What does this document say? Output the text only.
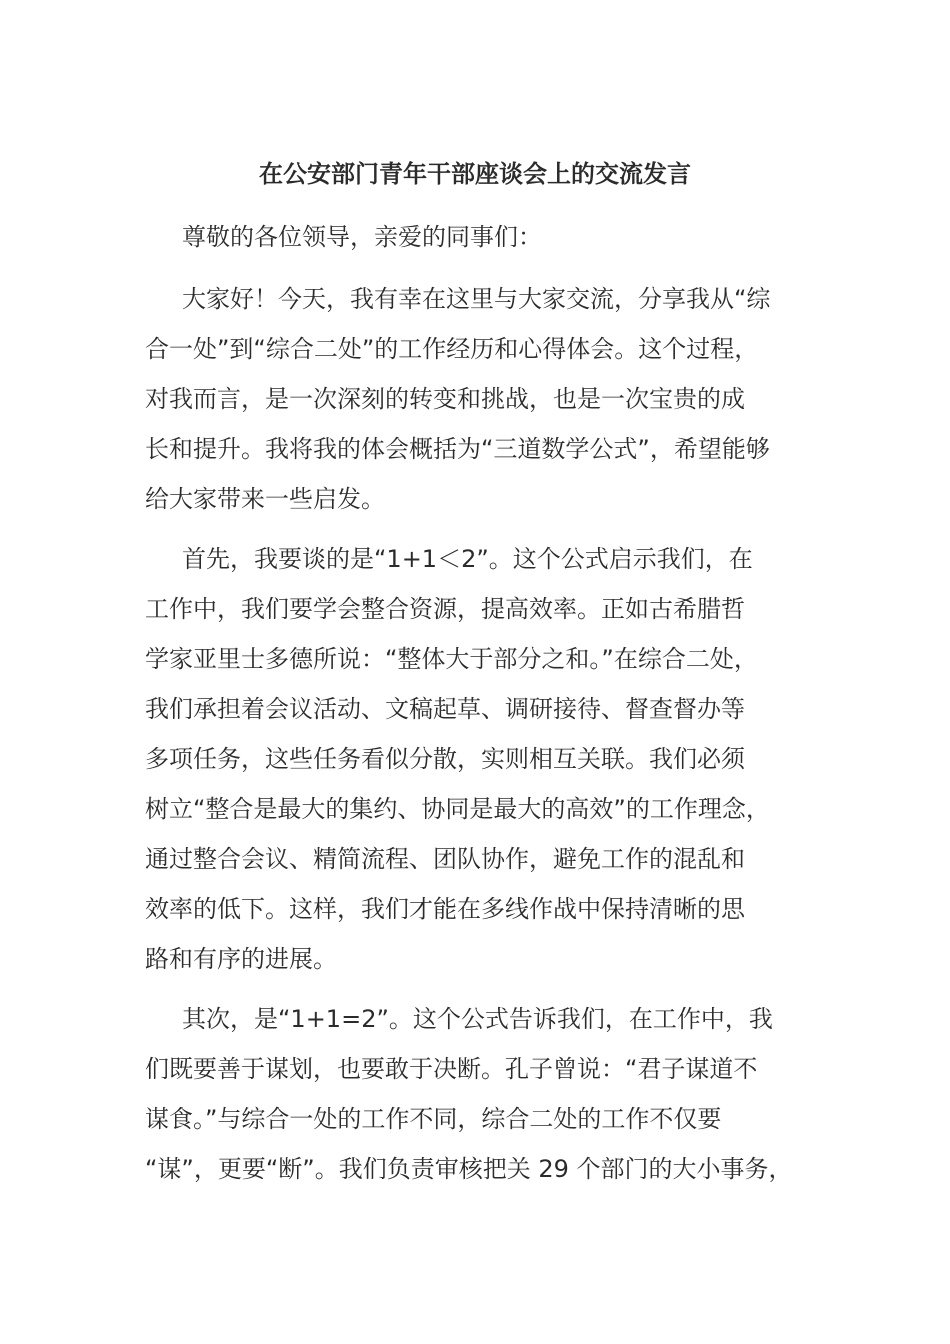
在公安部门青年干部座谈会上的交流发言
尊敬的各位领导，亲爱的同事们：
大家好！今天，我有幸在这里与大家交流，分享我从“综
合一处”到“综合二处”的工作经历和心得体会。这个过程，
对我而言，是一次深刻的转变和挑战，也是一次宝贵的成
长和提升。我将我的体会概括为“三道数学公式”，希望能够
给大家带来一些启发。
首先，我要谈的是“1+1＜2”。这个公式启示我们，在
工作中，我们要学会整合资源，提高效率。正如古希腊哲
学家亚里士多德所说：“整体大于部分之和。”在综合二处，
我们承担着会议活动、文稿起草、调研接待、督查督办等
多项任务，这些任务看似分散，实则相互关联。我们必须
树立“整合是最大的集约、协同是最大的高效”的工作理念，
通过整合会议、精简流程、团队协作，避免工作的混乱和
效率的低下。这样，我们才能在多线作战中保持清晰的思
路和有序的进展。
其次，是“1+1=2”。这个公式告诉我们，在工作中，我
们既要善于谋划，也要敢于决断。孔子曾说：“君子谋道不
谋食。”与综合一处的工作不同，综合二处的工作不仅要
“谋”，更要“断”。我们负责审核把关 29 个部门的大小事务，
